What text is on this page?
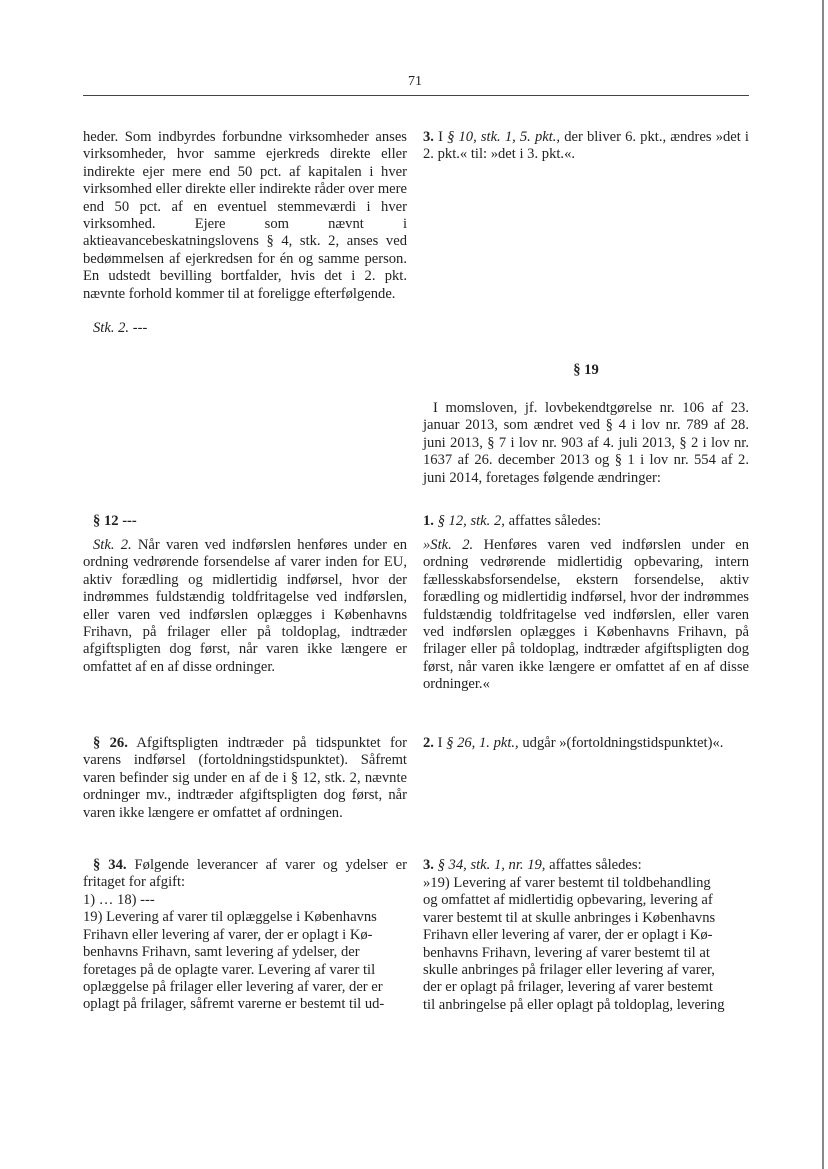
71
heder. Som indbyrdes forbundne virksomheder anses virksomheder, hvor samme ejerkreds direkte eller indirekte ejer mere end 50 pct. af kapitalen i hver virksomhed eller direkte eller indirekte råder over mere end 50 pct. af en eventuel stemmeværdi i hver virksomhed. Ejere som nævnt i aktieavancebeskatningslovens § 4, stk. 2, anses ved bedømmelsen af ejerkredsen for én og samme person. En udstedt bevilling bortfalder, hvis det i 2. pkt. nævnte forhold kommer til at foreligge efterfølgende.
Stk. 2. ---
§ 12 ---
Stk. 2. Når varen ved indførslen henføres under en ordning vedrørende forsendelse af varer inden for EU, aktiv forædling og midlertidig indførsel, hvor der indrømmes fuldstændig toldfritagelse ved indførslen, eller varen ved indførslen oplægges i Københavns Frihavn, på frilager eller på toldoplag, indtræder afgiftspligten dog først, når varen ikke længere er omfattet af en af disse ordninger.
§ 26. Afgiftspligten indtræder på tidspunktet for varens indførsel (fortoldningstidspunktet). Såfremt varen befinder sig under en af de i § 12, stk. 2, nævnte ordninger mv., indtræder afgiftspligten dog først, når varen ikke længere er omfattet af ordningen.
§ 34. Følgende leverancer af varer og ydelser er fritaget for afgift:
1) … 18) ---
19) Levering af varer til oplæggelse i Københavns
Frihavn eller levering af varer, der er oplagt i Kø-
benhavns Frihavn, samt levering af ydelser, der
foretages på de oplagte varer. Levering af varer til
oplæggelse på frilager eller levering af varer, der er
oplagt på frilager, såfremt varerne er bestemt til ud-
3. I § 10, stk. 1, 5. pkt., der bliver 6. pkt., ændres »det i 2. pkt.« til: »det i 3. pkt.«.
§ 19
I momsloven, jf. lovbekendtgørelse nr. 106 af 23. januar 2013, som ændret ved § 4 i lov nr. 789 af 28. juni 2013, § 7 i lov nr. 903 af 4. juli 2013, § 2 i lov nr. 1637 af 26. december 2013 og § 1 i lov nr. 554 af 2. juni 2014, foretages følgende ændringer:
1. § 12, stk. 2, affattes således:
»Stk. 2. Henføres varen ved indførslen under en ordning vedrørende midlertidig opbevaring, intern fællesskabsforsendelse, ekstern forsendelse, aktiv forædling og midlertidig indførsel, hvor der indrømmes fuldstændig toldfritagelse ved indførslen, eller varen ved indførslen oplægges i Københavns Frihavn, på frilager eller på toldoplag, indtræder afgiftspligten dog først, når varen ikke længere er omfattet af en af disse ordninger.«
2. I § 26, 1. pkt., udgår »(fortoldningstidspunktet)«.
3. § 34, stk. 1, nr. 19, affattes således:
»19) Levering af varer bestemt til toldbehandling
og omfattet af midlertidig opbevaring, levering af
varer bestemt til at skulle anbringes i Københavns
Frihavn eller levering af varer, der er oplagt i Kø-
benhavns Frihavn, levering af varer bestemt til at
skulle anbringes på frilager eller levering af varer,
der er oplagt på frilager, levering af varer bestemt
til anbringelse på eller oplagt på toldoplag, levering
